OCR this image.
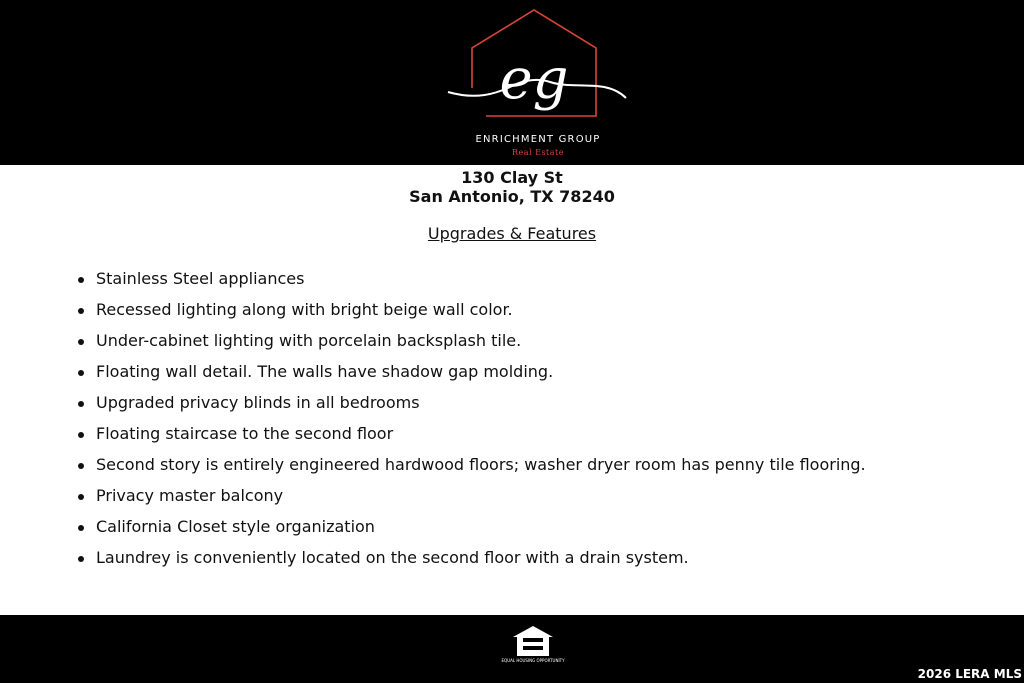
eg
ENRICHMENT GROUP
Real Estate
130 Clay St
San Antonio, TX 78240
Upgrades & Features
Stainless Steel appliances
Recessed lighting along with bright beige wall color.
Under-cabinet lighting with porcelain backsplash tile.
Floating wall detail. The walls have shadow gap molding.
Upgraded privacy blinds in all bedrooms
Floating staircase to the second floor
Second story is entirely engineered hardwood floors; washer dryer room has penny tile flooring.
Privacy master balcony
California Closet style organization
Laundrey is conveniently located on the second floor with a drain system.
EQUAL HOUSING OPPORTUNITY
2026 LERA MLS
